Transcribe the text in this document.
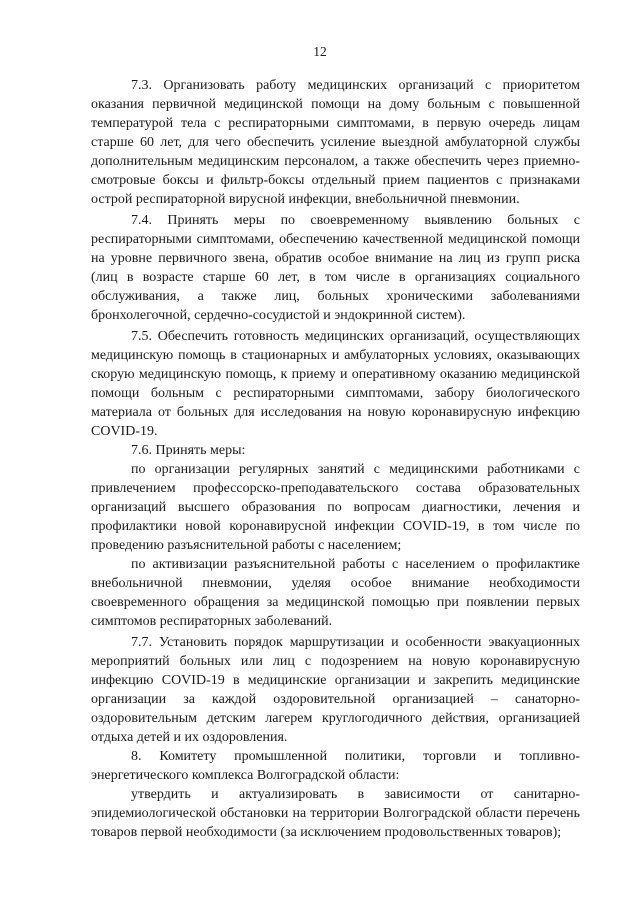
12

7.3. Организовать работу медицинских организаций с приоритетом оказания первичной медицинской помощи на дому больным с повышенной температурой тела с респираторными симптомами, в первую очередь лицам старше 60 лет, для чего обеспечить усиление выездной амбулаторной службы дополнительным медицинским персоналом, а также обеспечить через приемно-смотровые боксы и фильтр-боксы отдельный прием пациентов с признаками острой респираторной вирусной инфекции, внебольничной пневмонии.

7.4. Принять меры по своевременному выявлению больных с респираторными симптомами, обеспечению качественной медицинской помощи на уровне первичного звена, обратив особое внимание на лиц из групп риска (лиц в возрасте старше 60 лет, в том числе в организациях социального обслуживания, а также лиц, больных хроническими заболеваниями бронхолегочной, сердечно-сосудистой и эндокринной систем).

7.5. Обеспечить готовность медицинских организаций, осуществляющих медицинскую помощь в стационарных и амбулаторных условиях, оказывающих скорую медицинскую помощь, к приему и оперативному оказанию медицинской помощи больным с респираторными симптомами, забору биологического материала от больных для исследования на новую коронавирусную инфекцию COVID-19.

7.6. Принять меры:

по организации регулярных занятий с медицинскими работниками с привлечением профессорско-преподавательского состава образовательных организаций высшего образования по вопросам диагностики, лечения и профилактики новой коронавирусной инфекции COVID-19, в том числе по проведению разъяснительной работы с населением;

по активизации разъяснительной работы с населением о профилактике внебольничной пневмонии, уделяя особое внимание необходимости своевременного обращения за медицинской помощью при появлении первых симптомов респираторных заболеваний.

7.7. Установить порядок маршрутизации и особенности эвакуационных мероприятий больных или лиц с подозрением на новую коронавирусную инфекцию COVID-19 в медицинские организации и закрепить медицинские организации за каждой оздоровительной организацией – санаторно-оздоровительным детским лагерем круглогодичного действия, организацией отдыха детей и их оздоровления.

8. Комитету промышленной политики, торговли и топливно-энергетического комплекса Волгоградской области:

утвердить и актуализировать в зависимости от санитарно-эпидемиологической обстановки на территории Волгоградской области перечень товаров первой необходимости (за исключением продовольственных товаров);
